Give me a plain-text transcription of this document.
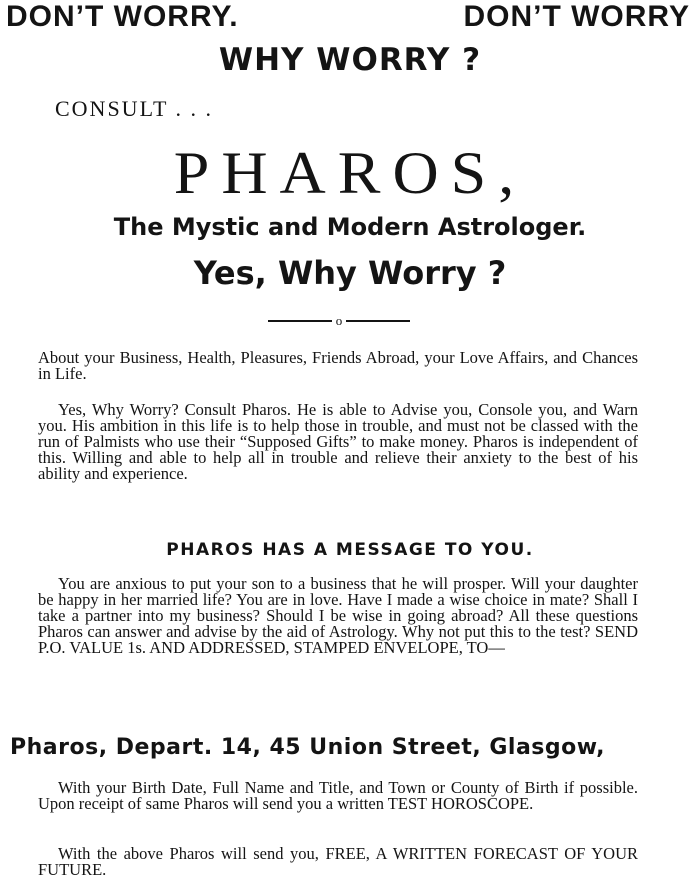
DON’T WORRY.	DON’T WORRY
WHY WORRY ?
CONSULT . . .
PHAROS,
The Mystic and Modern Astrologer.
Yes, Why Worry ?
o

About your Business, Health, Pleasures, Friends Abroad, your Love Affairs, and Chances in Life.

Yes, Why Worry? Consult Pharos. He is able to Advise you, Console you, and Warn you. His ambition in this life is to help those in trouble, and must not be classed with the run of Palmists who use their “Supposed Gifts” to make money. Pharos is independent of this. Willing and able to help all in trouble and relieve their anxiety to the best of his ability and experience.

PHAROS HAS A MESSAGE TO YOU.

You are anxious to put your son to a business that he will prosper. Will your daughter be happy in her married life? You are in love. Have I made a wise choice in mate? Shall I take a partner into my business? Should I be wise in going abroad? All these questions Pharos can answer and advise by the aid of Astrology. Why not put this to the test? SEND P.O. VALUE 1s. AND ADDRESSED, STAMPED ENVELOPE, TO—

Pharos, Depart. 14, 45 Union Street, Glasgow,

With your Birth Date, Full Name and Title, and Town or County of Birth if possible. Upon receipt of same Pharos will send you a written TEST HOROSCOPE.

With the above Pharos will send you, FREE, A WRITTEN FORECAST OF YOUR FUTURE.
